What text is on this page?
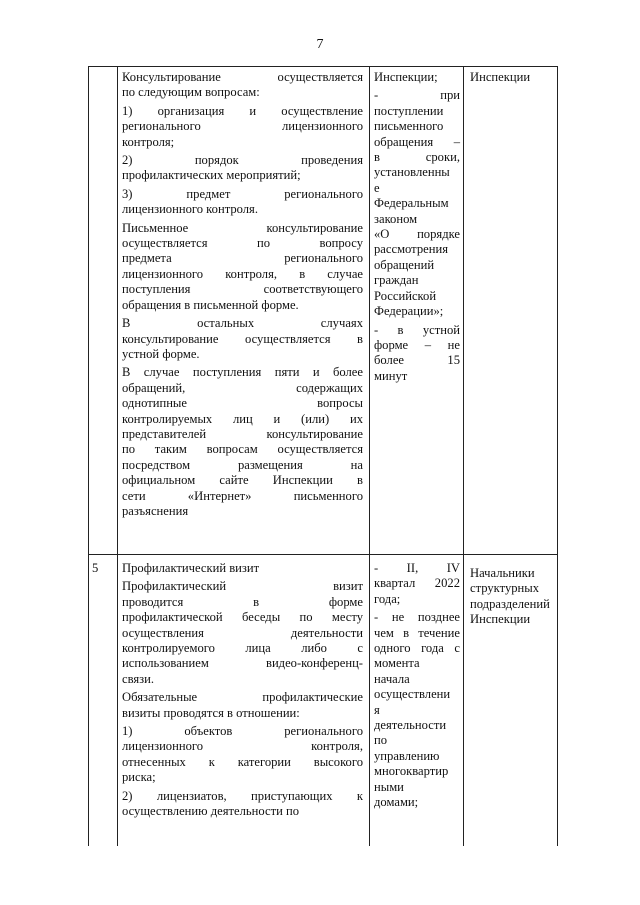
7
Консультирование осуществляется
по следующим вопросам:
1) организация и осуществление
регионального лицензионного
контроля;
2) порядок проведения
профилактических мероприятий;
3) предмет регионального
лицензионного контроля.
Письменное консультирование
осуществляется по вопросу
предмета регионального
лицензионного контроля, в случае
поступления соответствующего
обращения в письменной форме.
В остальных случаях
консультирование осуществляется в
устной форме.
В случае поступления пяти и более
обращений, содержащих
однотипные вопросы
контролируемых лиц и (или) их
представителей консультирование
по таким вопросам осуществляется
посредством размещения на
официальном сайте Инспекции в
сети «Интернет» письменного
разъяснения
Инспекции;
- при
поступлении
письменного
обращения –
в сроки,
установленны
е
Федеральным
законом
«О порядке
рассмотрения
обращений
граждан
Российской
Федерации»;
- в устной
форме – не
более 15
минут
Инспекции
5	Профилактический визит
Профилактический визит
проводится в форме
профилактической беседы по месту
осуществления деятельности
контролируемого лица либо с
использованием видео-конференц-
связи.
Обязательные профилактические
визиты проводятся в отношении:
1) объектов регионального
лицензионного контроля,
отнесенных к категории высокого
риска;
2) лицензиатов, приступающих к
осуществлению деятельности по
- II, IV
квартал 2022
года;
- не позднее
чем в течение
одного года с
момента
начала
осуществлени
я
деятельности
по
управлению
многоквартир
ными
домами;
Начальники
структурных
подразделений
Инспекции
